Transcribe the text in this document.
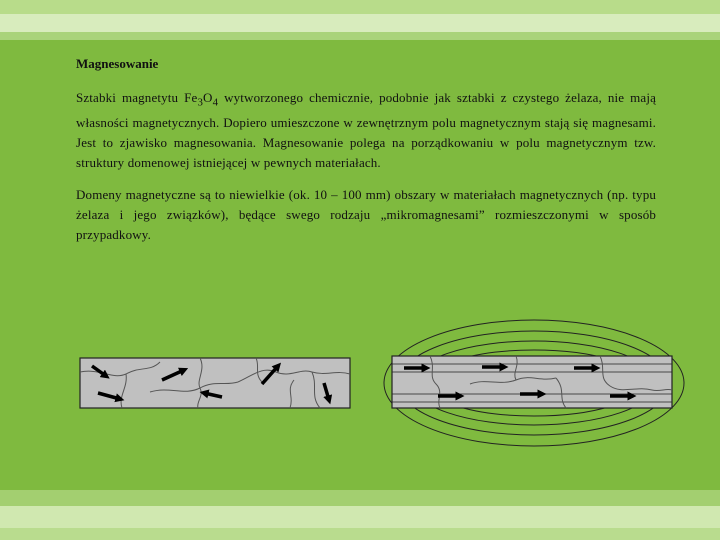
Magnesowanie

Sztabki magnetytu $Fe_3O_4$ wytworzonego chemicznie, podobnie jak sztabki z czystego żelaza, nie mają własności magnetycznych. Dopiero umieszczone w zewnętrznym polu magnetycznym stają się magnesami. Jest to zjawisko magnesowania. Magnesowanie polega na porządkowaniu w polu magnetycznym tzw. struktury domenowej istniejącej w pewnych materiałach.

Domeny magnetyczne są to niewielkie (ok. 10 – 100 mm) obszary w materiałach magnetycznych (np. typu żelaza i jego związków), będące swego rodzaju „mikromagnesami” rozmieszczonymi w sposób przypadkowy.
